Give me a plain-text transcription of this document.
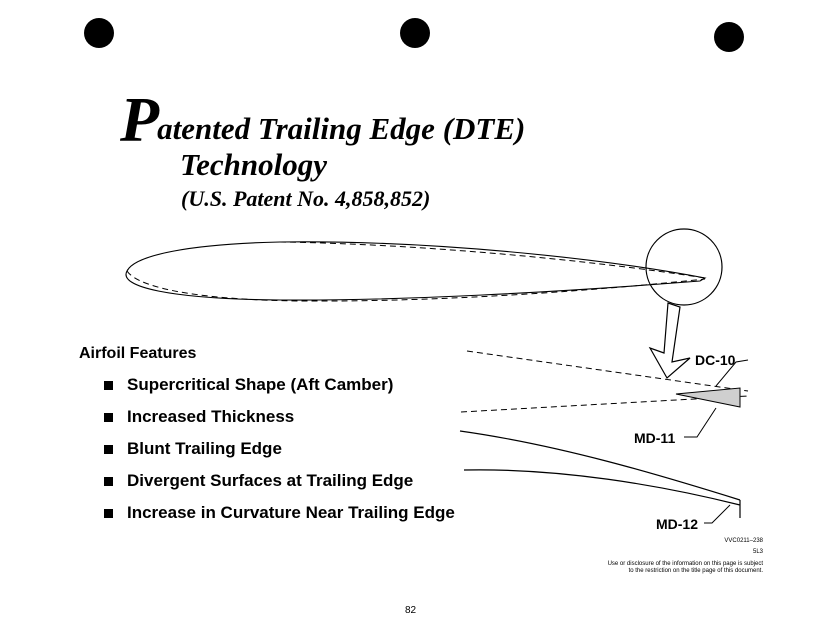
Patented Trailing Edge (DTE)
Technology
(U.S. Patent No. 4,858,852)
DC-10
MD-11
MD-12
Airfoil Features
Supercritical Shape (Aft Camber)
Increased Thickness
Blunt Trailing Edge
Divergent Surfaces at Trailing Edge
Increase in Curvature Near Trailing Edge
VVC0211–238
5L3
Use or disclosure of the information on this page is subject
to the restriction on the title page of this document.
82
